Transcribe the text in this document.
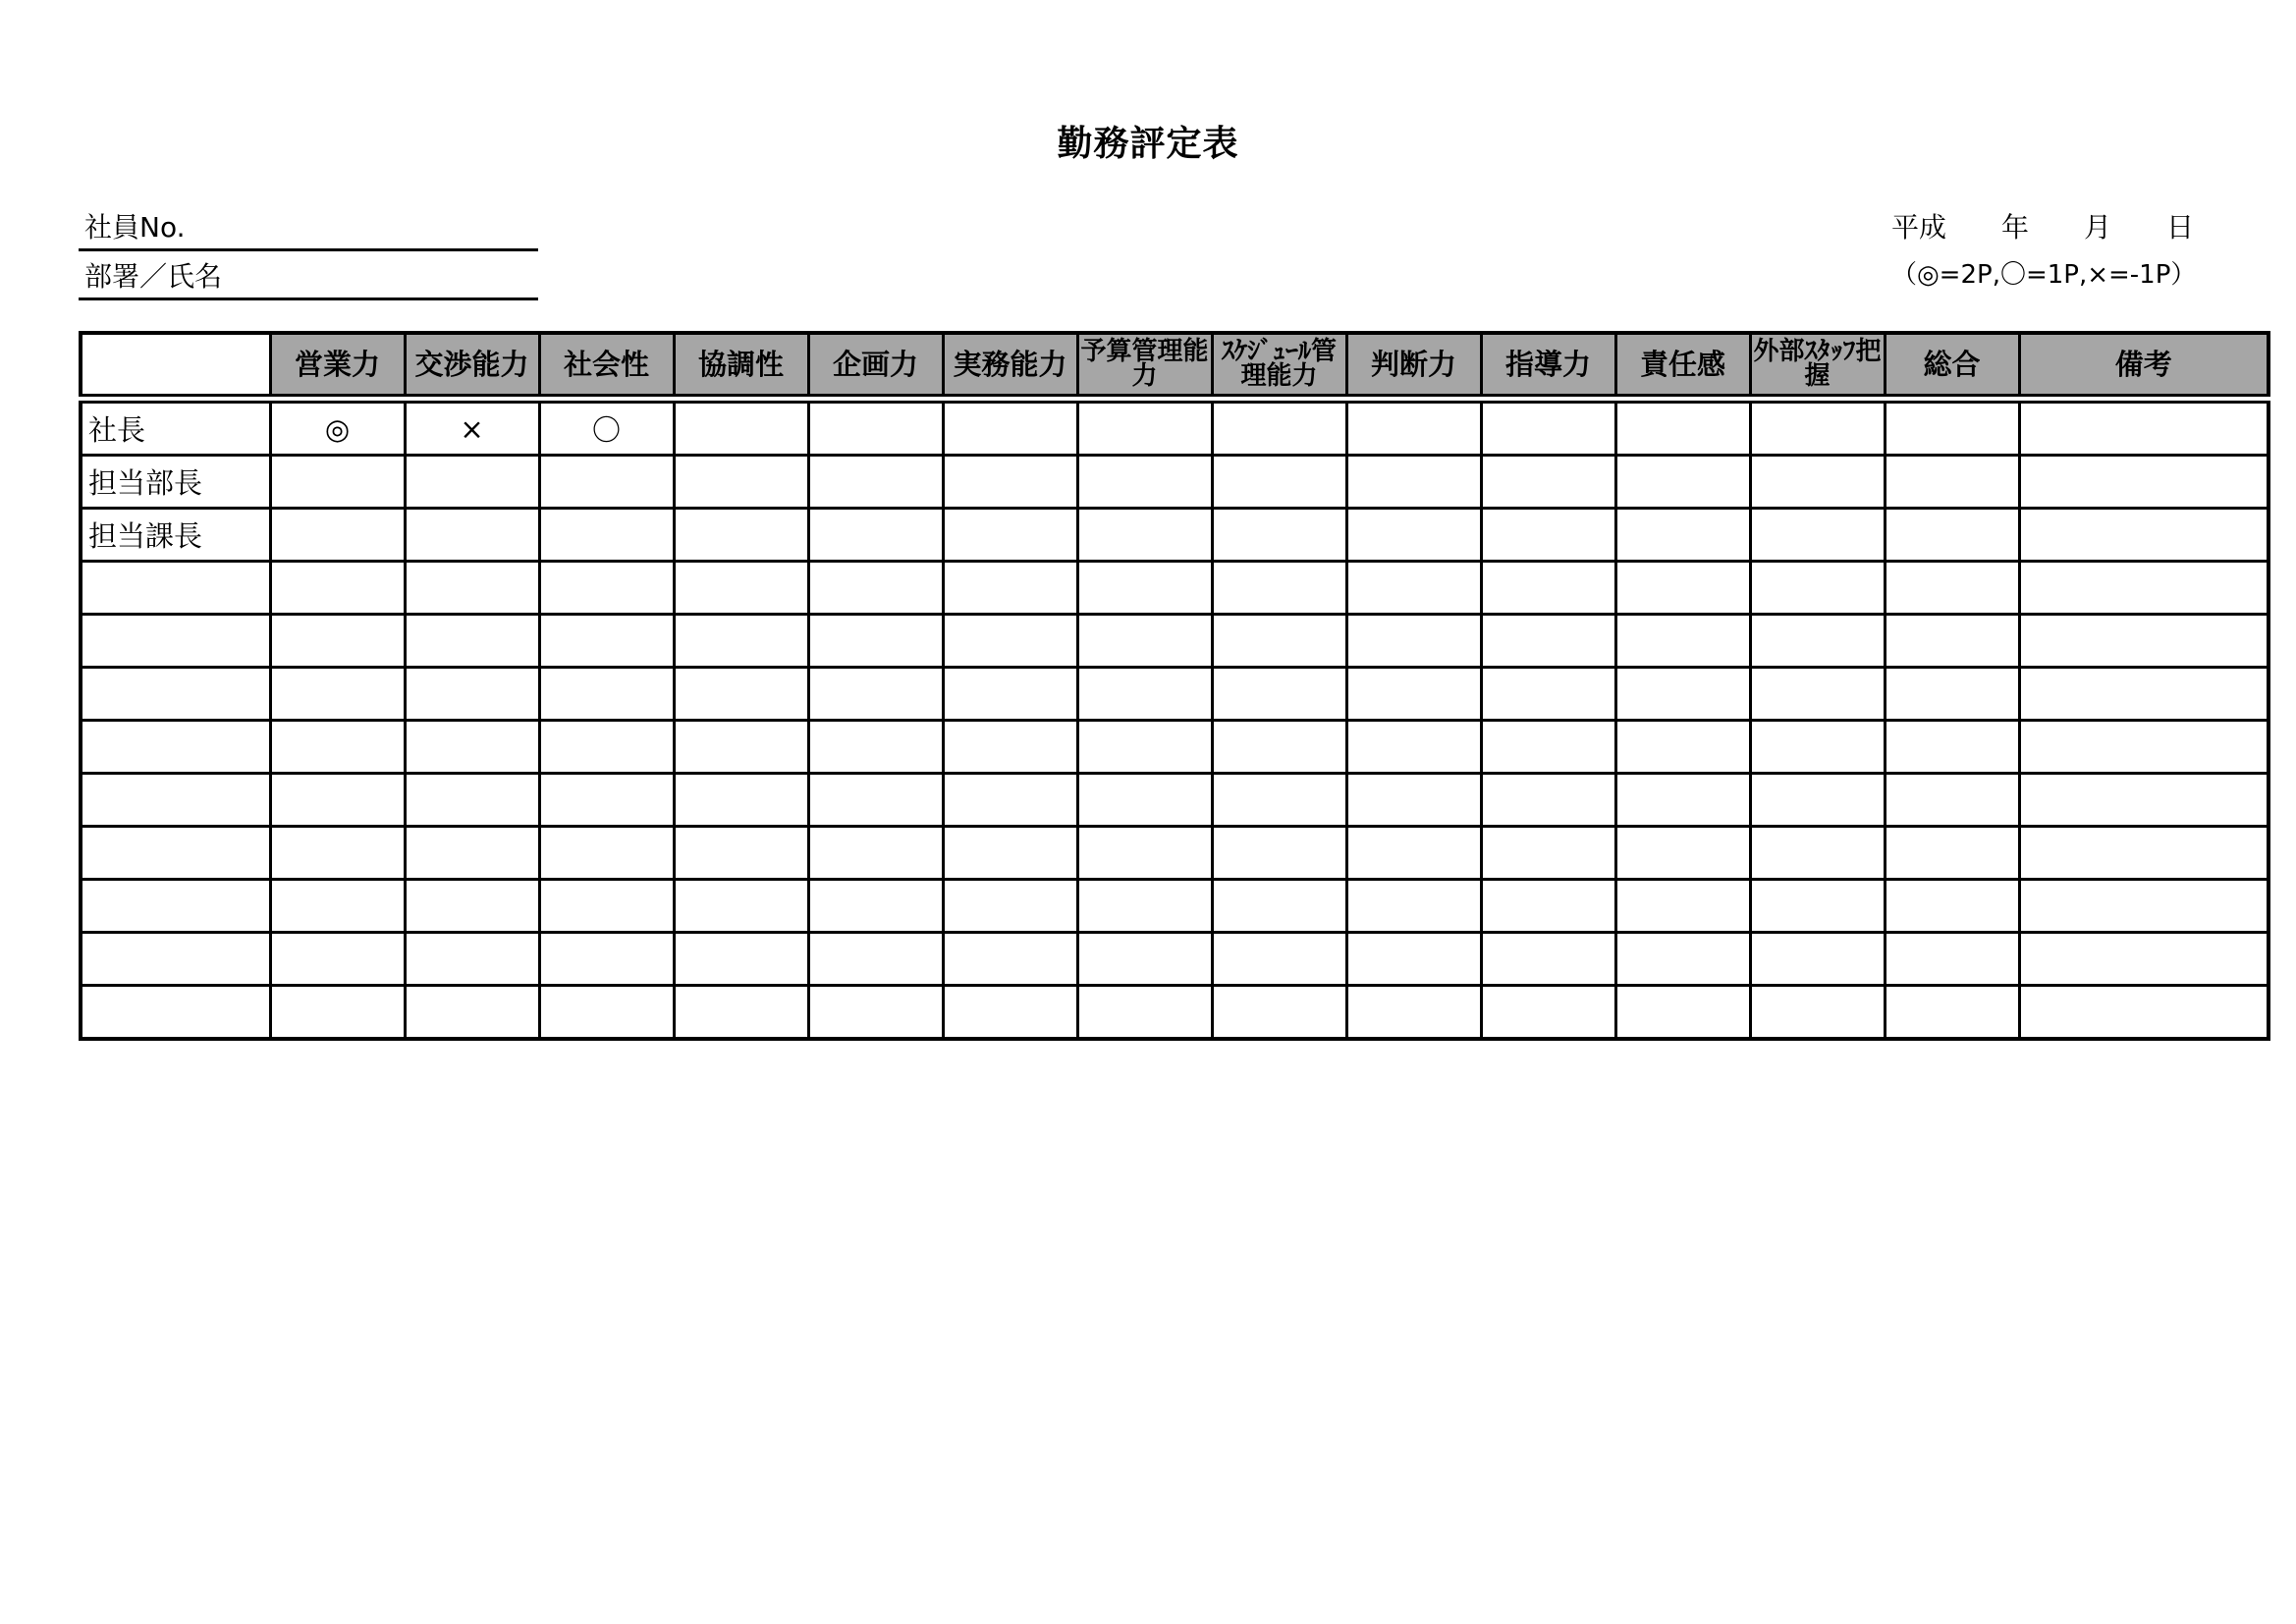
勤務評定表
社員No.
部署／氏名
平成　　年　　月　　日
（◎=2P,〇=1P,×=-1P）
	営業力	交渉能力	社会性	協調性	企画力	実務能力	予算管理能力	ｽｹｼﾞｭｰﾙ管理能力	判断力	指導力	責任感	外部ｽﾀｯﾌ把握	総合	備考
社長	◎	×	〇											
担当部長														
担当課長														
